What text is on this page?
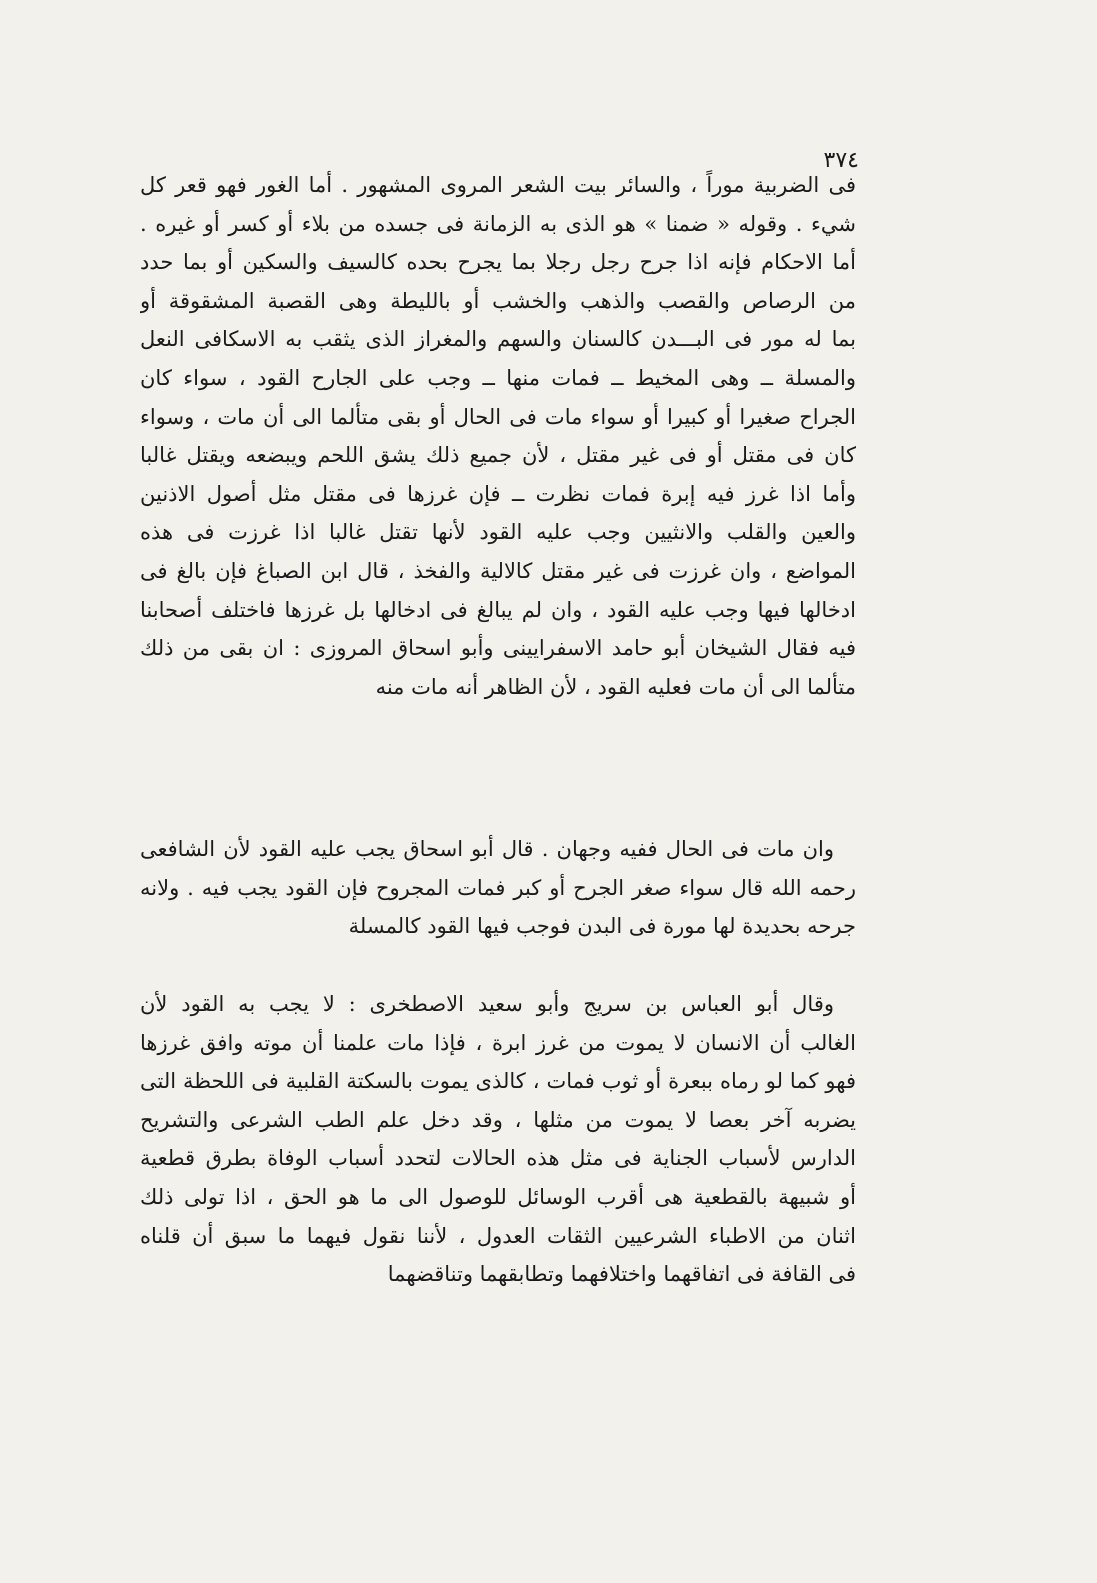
٣٧٤
فى الضربية موراً ، والسائر بيت الشعر المروى المشهور . أما الغور فهو قعر كل
شيء . وقوله « ضمنا » هو الذى به الزمانة فى جسده من بلاء أو كسر أو غيره .
أما الاحكام فإنه اذا جرح رجل رجلا بما يجرح بحده كالسيف والسكين أو بما حدد
من الرصاص والقصب والذهب والخشب أو بالليطة وهى القصبة المشقوقة أو
بما له مور فى البـــدن كالسنان والسهم والمغراز الذى يثقب به الاسكافى النعل
والمسلة ــ وهى المخيط ــ فمات منها ــ وجب على الجارح القود ، سواء كان
الجراح صغيرا أو كبيرا أو سواء مات فى الحال أو بقى متألما الى أن مات ، وسواء
كان فى مقتل أو فى غير مقتل ، لأن جميع ذلك يشق اللحم ويبضعه ويقتل غالبا
وأما اذا غرز فيه إبرة فمات نظرت ــ فإن غرزها فى مقتل مثل أصول الاذنين
والعين والقلب والانثيين وجب عليه القود لأنها تقتل غالبا اذا غرزت فى هذه
المواضع ، وان غرزت فى غير مقتل كالالية والفخذ ، قال ابن الصباغ فإن بالغ فى
ادخالها فيها وجب عليه القود ، وان لم يبالغ فى ادخالها بل غرزها فاختلف أصحابنا
فيه فقال الشيخان أبو حامد الاسفرايينى وأبو اسحاق المروزى : ان بقى من ذلك
متألما الى أن مات فعليه القود ، لأن الظاهر أنه مات منه
وان مات فى الحال ففيه وجهان . قال أبو اسحاق يجب عليه القود لأن الشافعى
رحمه الله قال سواء صغر الجرح أو كبر فمات المجروح فإن القود يجب فيه . ولانه
جرحه بحديدة لها مورة فى البدن فوجب فيها القود كالمسلة
وقال أبو العباس بن سريج وأبو سعيد الاصطخرى : لا يجب به القود لأن
الغالب أن الانسان لا يموت من غرز ابرة ، فإذا مات علمنا أن موته وافق غرزها
فهو كما لو رماه ببعرة أو ثوب فمات ، كالذى يموت بالسكتة القلبية فى اللحظة التى
يضربه آخر بعصا لا يموت من مثلها ، وقد دخل علم الطب الشرعى والتشريح
الدارس لأسباب الجناية فى مثل هذه الحالات لتحدد أسباب الوفاة بطرق قطعية
أو شبيهة بالقطعية هى أقرب الوسائل للوصول الى ما هو الحق ، اذا تولى ذلك
اثنان من الاطباء الشرعيين الثقات العدول ، لأننا نقول فيهما ما سبق أن قلناه
فى القافة فى اتفاقهما واختلافهما وتطابقهما وتناقضهما
